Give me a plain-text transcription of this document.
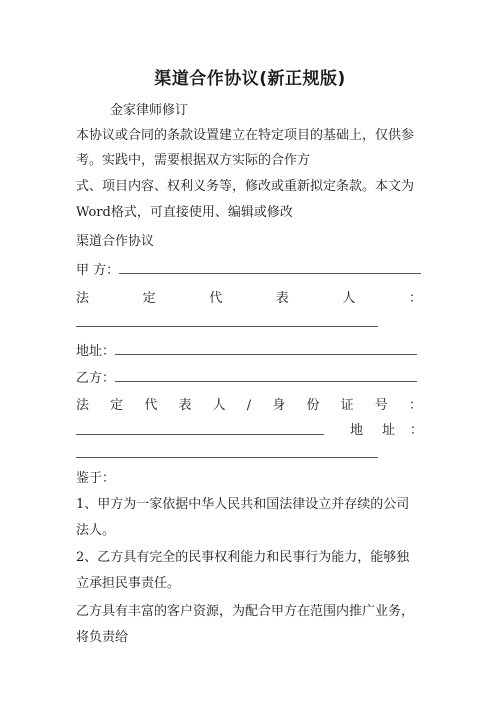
渠道合作协议(新正规版)
金家律师修订
本协议或合同的条款设置建立在特定项目的基础上，仅供参
考。实践中，需要根据双方实际的合作方
式、项目内容、权利义务等，修改或重新拟定条款。本文为
Word格式，可直接使用、编辑或修改
渠道合作协议
甲 方：
法	定	代	表	人	：
地址：
乙方：
法 定 代 表 人 / 身 份 证 号 ：
地 址 ：
鉴于：
1、甲方为一家依据中华人民共和国法律设立并存续的公司
法人。
2、乙方具有完全的民事权利能力和民事行为能力，能够独
立承担民事责任。
乙方具有丰富的客户资源，为配合甲方在范围内推广业务，
将负责给
